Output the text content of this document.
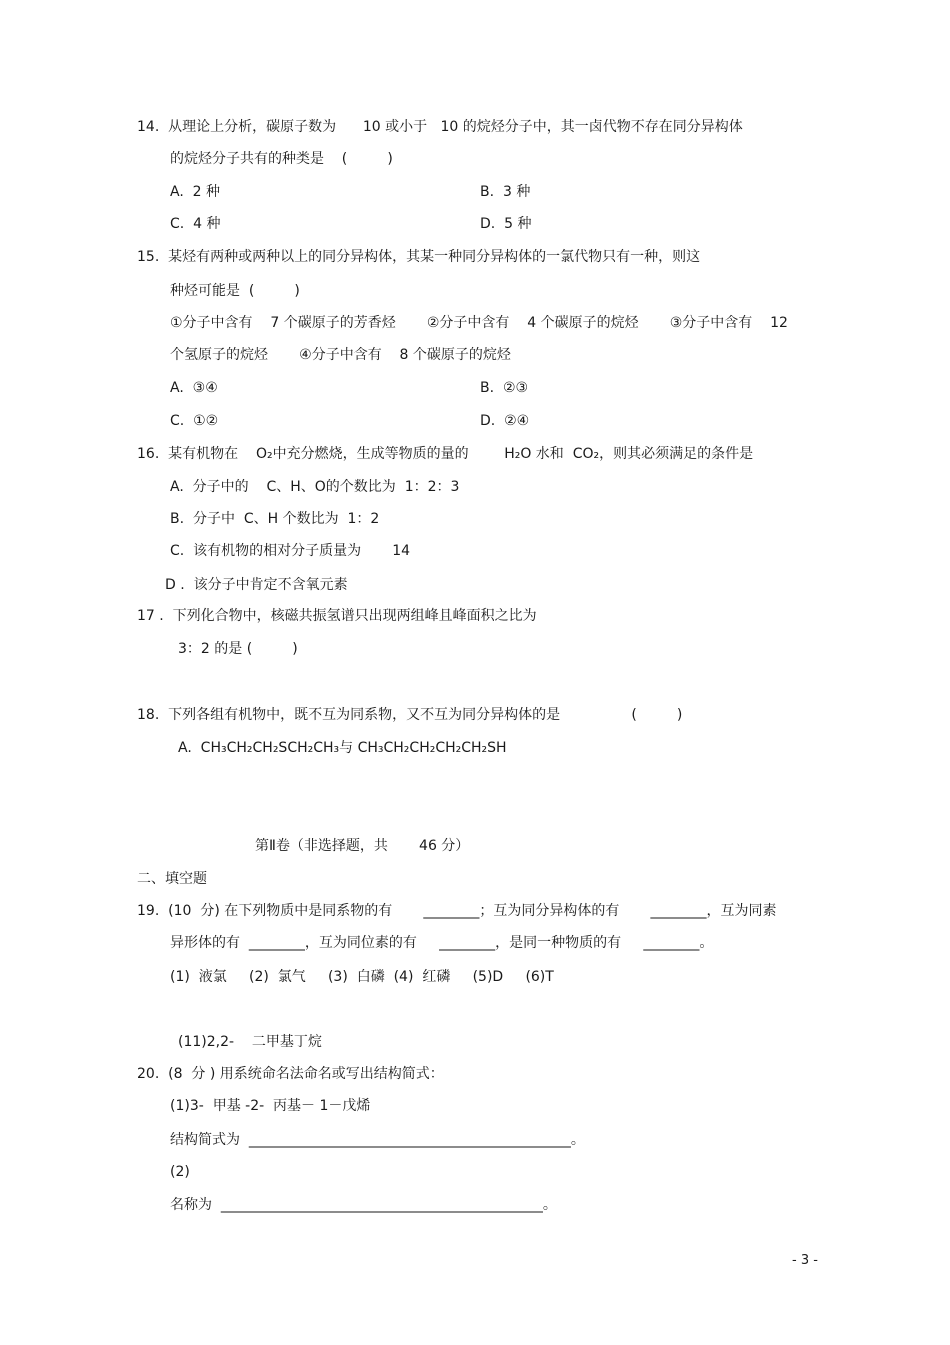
14.  从理论上分析，碳原子数为      10 或小于   10 的烷烃分子中，其一卤代物不存在同分异构体
的烷烃分子共有的种类是    (         )
A.  2 种	B.  3 种
C.  4 种	D.  5 种
15.  某烃有两种或两种以上的同分异构体，其某一种同分异构体的一氯代物只有一种，则这
种烃可能是  (         )
①分子中含有    7 个碳原子的芳香烃       ②分子中含有    4 个碳原子的烷烃       ③分子中含有    12
个氢原子的烷烃       ④分子中含有    8 个碳原子的烷烃
A.  ③④	B.  ②③
C.  ①②	D.  ②④
16.  某有机物在    O₂中充分燃烧，生成等物质的量的        H₂O 水和  CO₂，则其必须满足的条件是
A.  分子中的    C、H、O的个数比为  1：2：3
B.  分子中  C、H 个数比为  1：2
C.  该有机物的相对分子质量为       14
D .  该分子中肯定不含氧元素
17 .  下列化合物中，核磁共振氢谱只出现两组峰且峰面积之比为
3：2 的是 (         )
18.  下列各组有机物中，既不互为同系物，又不互为同分异构体的是                (         )
A.  CH₃CH₂CH₂SCH₂CH₃与 CH₃CH₂CH₂CH₂CH₂SH
第Ⅱ卷（非选择题，共       46 分）
二、填空题
19.  (10  分) 在下列物质中是同系物的有       ________；互为同分异构体的有       ________，互为同素
异形体的有  ________，互为同位素的有     ________，是同一种物质的有     ________。
(1)  液氯     (2)  氯气     (3)  白磷  (4)  红磷     (5)D     (6)T
(11)2,2-    二甲基丁烷
20.  (8  分 ) 用系统命名法命名或写出结构简式：
(1)3-  甲基 -2-  丙基－ 1－戊烯
结构简式为  ______________________________________________。
(2)
名称为  ______________________________________________。
- 3 -
